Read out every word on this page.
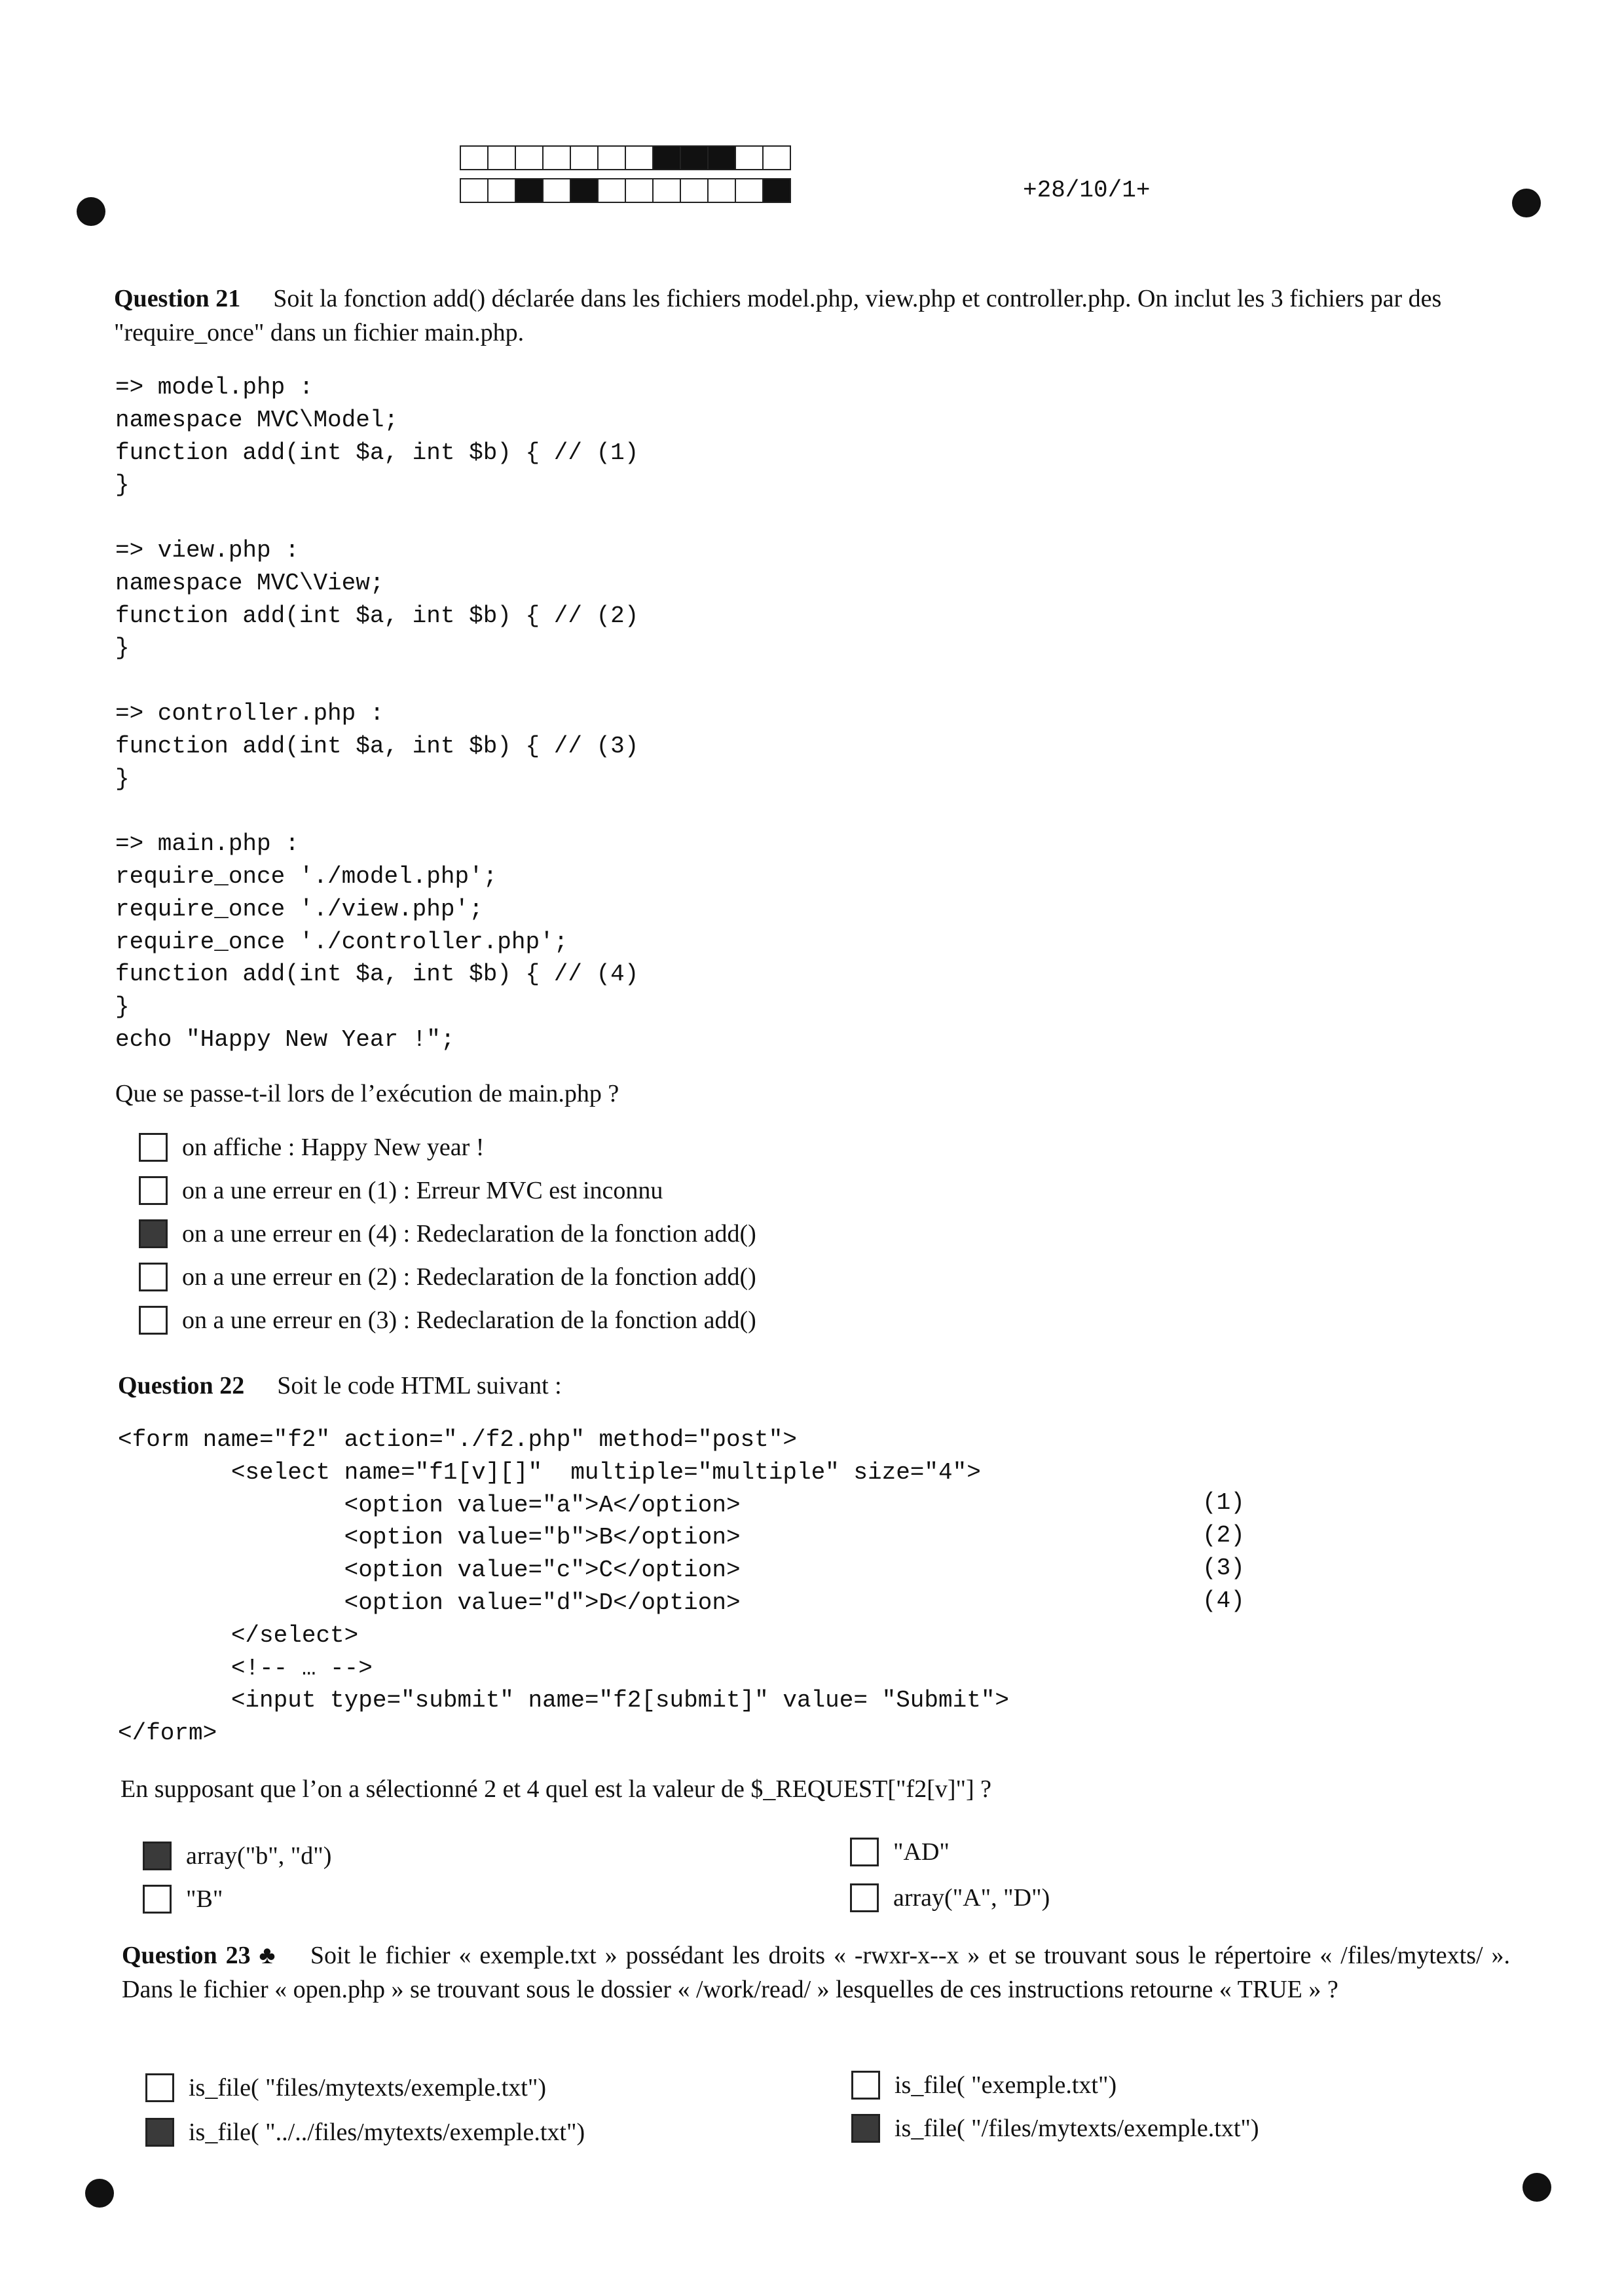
+28/10/1+
Question 21 Soit la fonction add() déclarée dans les fichiers model.php, view.php et controller.php. On inclut les 3 fichiers par des "require_once" dans un fichier main.php.
=> model.php :
namespace MVC\Model;
function add(int $a, int $b) { // (1)
}

=> view.php :
namespace MVC\View;
function add(int $a, int $b) { // (2)
}

=> controller.php :
function add(int $a, int $b) { // (3)
}

=> main.php :
require_once './model.php';
require_once './view.php';
require_once './controller.php';
function add(int $a, int $b) { // (4)
}
echo "Happy New Year !";
Que se passe-t-il lors de l’exécution de main.php ?
on affiche : Happy New year !
on a une erreur en (1) : Erreur MVC est inconnu
on a une erreur en (4) : Redeclaration de la fonction add()
on a une erreur en (2) : Redeclaration de la fonction add()
on a une erreur en (3) : Redeclaration de la fonction add()
Question 22 Soit le code HTML suivant :
<form name="f2" action="./f2.php" method="post">
<select name="f1[v][]"  multiple="multiple" size="4">
<option value="a">A</option>
<option value="b">B</option>
<option value="c">C</option>
<option value="d">D</option>
</select>
<!-- … -->
<input type="submit" name="f2[submit]" value= "Submit">
</form>
(1)
(2)
(3)
(4)
En supposant que l’on a sélectionné 2 et 4 quel est la valeur de $_REQUEST["f2[v]"] ?
array("b", "d")	"AD"
"B"	array("A", "D")
Question 23 ♣ Soit le fichier « exemple.txt » possédant les droits « -rwxr-x--x » et se trouvant sous le répertoire « /files/mytexts/ ». Dans le fichier « open.php » se trouvant sous le dossier « /work/read/ » lesquelles de ces instructions retourne « TRUE » ?
is_file( "files/mytexts/exemple.txt")	is_file( "exemple.txt")
is_file( "../../files/mytexts/exemple.txt")	is_file( "/files/mytexts/exemple.txt")
